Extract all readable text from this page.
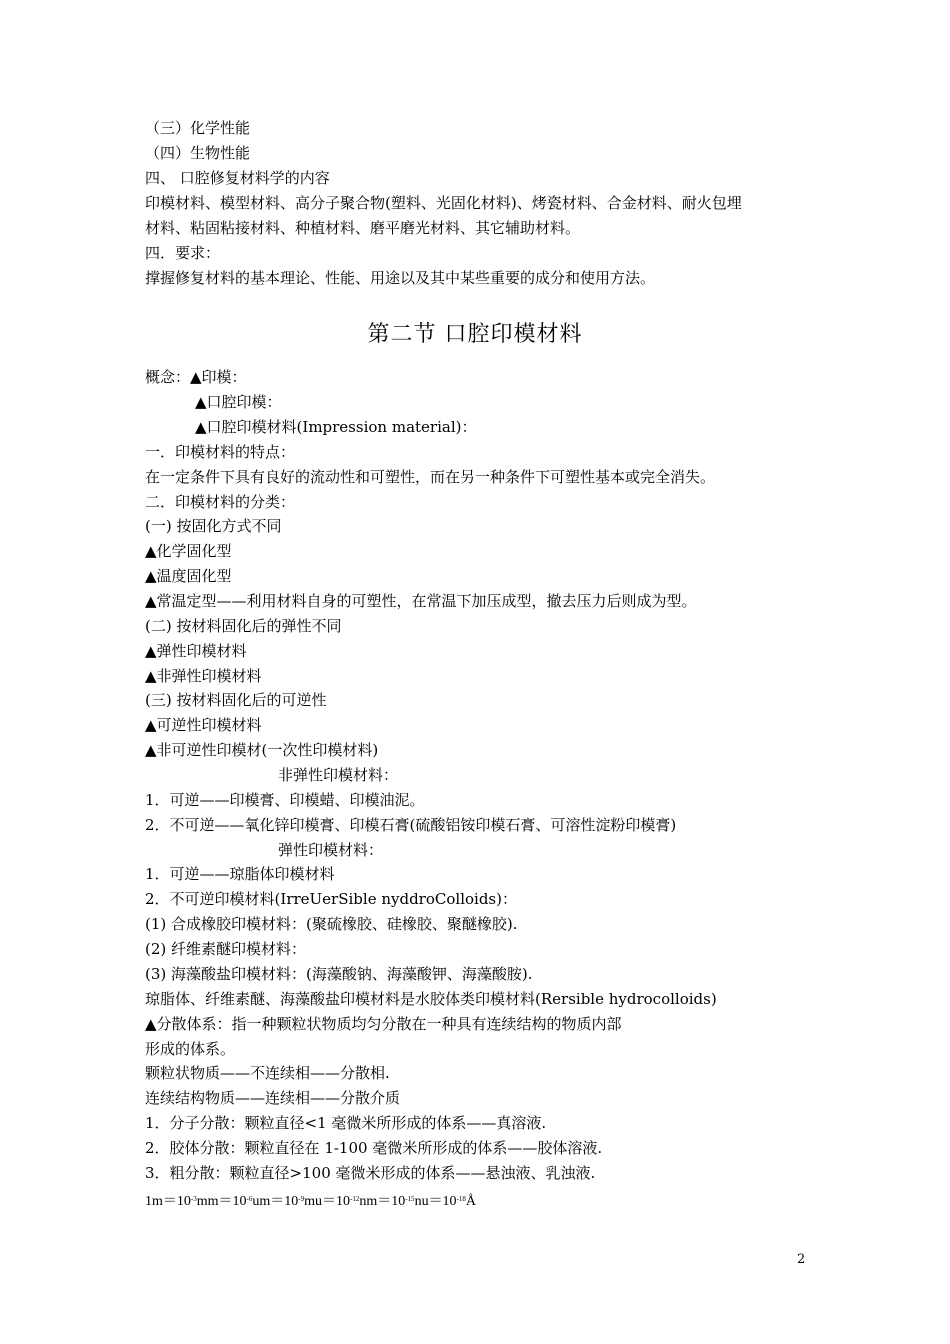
（三）化学性能
（四）生物性能
四、 口腔修复材料学的内容
印模材料、模型材料、高分子聚合物(塑料、光固化材料)、烤瓷材料、合金材料、耐火包埋
材料、粘固粘接材料、种植材料、磨平磨光材料、其它辅助材料。
四．要求：
撑握修复材料的基本理论、性能、用途以及其中某些重要的成分和使用方法。
第二节 口腔印模材料
概念：▲印模：
▲口腔印模：
▲口腔印模材料(Impression material)：
一．印模材料的特点：
在一定条件下具有良好的流动性和可塑性，而在另一种条件下可塑性基本或完全消失。
二．印模材料的分类：
(一) 按固化方式不同
▲化学固化型
▲温度固化型
▲常温定型——利用材料自身的可塑性，在常温下加压成型，撤去压力后则成为型。
(二) 按材料固化后的弹性不同
▲弹性印模材料
▲非弹性印模材料
(三) 按材料固化后的可逆性
▲可逆性印模材料
▲非可逆性印模材(一次性印模材料)
非弹性印模材料：
1．可逆——印模膏、印模蜡、印模油泥。
2．不可逆——氧化锌印模膏、印模石膏(硫酸铝铵印模石膏、可溶性淀粉印模膏)
弹性印模材料：
1．可逆——琼脂体印模材料
2．不可逆印模材料(IrreUerSible nyddroColloids)：
(1) 合成橡胶印模材料：(聚硫橡胶、硅橡胶、聚醚橡胶).
(2) 纤维素醚印模材料：
(3) 海藻酸盐印模材料：(海藻酸钠、海藻酸钾、海藻酸胺).
琼脂体、纤维素醚、海藻酸盐印模材料是水胶体类印模材料(Rersible hydrocolloids)
▲分散体系：指一种颗粒状物质均匀分散在一种具有连续结构的物质内部
形成的体系。
颗粒状物质——不连续相——分散相.
连续结构物质——连续相——分散介质
1．分子分散：颗粒直径<1 毫微米所形成的体系——真溶液.
2．胶体分散：颗粒直径在 1-100 毫微米所形成的体系——胶体溶液.
3．粗分散：颗粒直径>100 毫微米形成的体系——悬浊液、乳浊液.
$1m=10^{-3}mm=10^{-6}um=10^{-9}mu=10^{-12}nm=10^{-15}nu=10^{-18}Å$
2
